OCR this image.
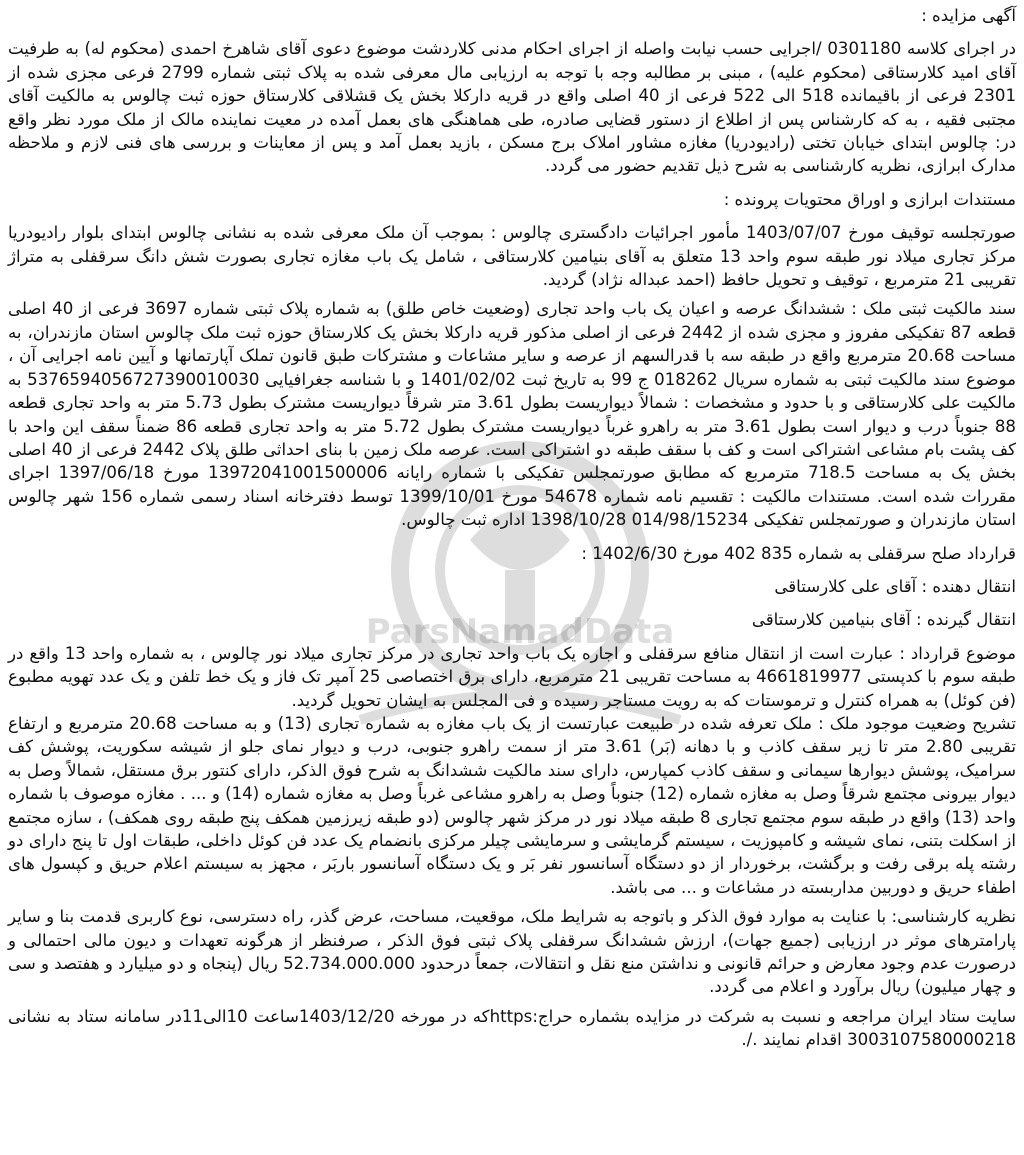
ParsNamadData

آگهی مزایده :

در اجرای کلاسه 0301180 /اجرایی حسب نیابت واصله از اجرای احکام مدنی کلاردشت موضوع دعوی آقای شاهرخ احمدی (محکوم له) به طرفیت آقای امید کلارستاقی (محکوم علیه) ، مبنی بر مطالبه وجه با توجه به ارزیابی مال معرفی شده به پلاک ثبتی شماره 2799 فرعی مجزی شده از 2301 فرعی از باقیمانده 518 الی 522 فرعی از 40 اصلی واقع در قریه دارکلا بخش یک قشلاقی کلارستاق حوزه ثبت چالوس به مالکیت آقای مجتبی فقیه ، به که کارشناس پس از اطلاع از دستور قضایی صادره، طی هماهنگی های بعمل آمده در معیت نماینده مالک از ملک مورد نظر واقع در: چالوس ابتدای خیابان تختی (رادیودریا) مغازه مشاور املاک برج مسکن ، بازید بعمل آمد و پس از معاینات و بررسی های فنی لازم و ملاحظه مدارک ابرازی، نظریه کارشناسی به شرح ذیل تقدیم حضور می گردد.

مستندات ابرازی و اوراق محتویات پرونده :

صورتجلسه توقیف مورخ 1403/07/07 مأمور اجرائیات دادگستری چالوس : بموجب آن ملک معرفی شده به نشانی چالوس ابتدای بلوار رادیودریا مرکز تجاری میلاد نور طبقه سوم واحد 13 متعلق به آقای بنیامین کلارستاقی ، شامل یک باب مغازه تجاری بصورت شش دانگ سرقفلی به متراژ تقریبی 21 مترمربع ، توقیف و تحویل حافظ (احمد عبداله نژاد) گردید.

سند مالکیت ثبتی ملک : ششدانگ عرصه و اعیان یک باب واحد تجاری (وضعیت خاص طلق) به شماره پلاک ثبتی شماره 3697 فرعی از 40 اصلی قطعه 87 تفکیکی مفروز و مجزی شده از 2442 فرعی از اصلی مذکور قریه دارکلا بخش یک کلارستاق حوزه ثبت ملک چالوس استان مازندران، به مساحت 20.68 مترمربع واقع در طبقه سه با قدرالسهم از عرصه و سایر مشاعات و مشترکات طبق قانون تملک آپارتمانها و آیین نامه اجرایی آن ، موضوع سند مالکیت ثبتی به شماره سریال 018262 ج 99 به تاریخ ثبت 1401/02/02 و با شناسه جغرافیایی 5376594056727390010030 به مالکیت علی کلارستاقی و با حدود و مشخصات : شمالاً دیواریست بطول 3.61 متر شرقاً دیواریست مشترک بطول 5.73 متر به واحد تجاری قطعه 88 جنوباً درب و دیوار است بطول 3.61 متر به راهرو غرباً دیواریست مشترک بطول 5.72 متر به واحد تجاری قطعه 86 ضمناً سقف این واحد با کف پشت بام مشاعی اشتراکی است و کف با سقف طبقه دو اشتراکی است. عرصه ملک زمین با بنای احداثی طلق پلاک 2442 فرعی از 40 اصلی بخش یک به مساحت 718.5 مترمربع که مطابق صورتمجلس تفکیکی با شماره رایانه 13972041001500006 مورخ 1397/06/18 اجرای مقررات شده است. مستندات مالکیت : تقسیم نامه شماره 54678 مورخ 1399/10/01 توسط دفترخانه اسناد رسمی شماره 156 شهر چالوس استان مازندران و صورتمجلس تفکیکی 014/98/15234 1398/10/28 اداره ثبت چالوس.

قرارداد صلح سرقفلی به شماره 835 402 مورخ 1402/6/30 :

انتقال دهنده : آقای علی کلارستاقی

انتقال گیرنده : آقای بنیامین کلارستاقی

موضوع قرارداد : عبارت است از انتقال منافع سرقفلی و اجاره یک باب واحد تجاری در مرکز تجاری میلاد نور چالوس ، به شماره واحد 13 واقع در طبقه سوم با کدپستی 4661819977 به مساحت تقریبی 21 مترمربع، دارای برق اختصاصی 25 آمپر تک فاز و یک خط تلفن و یک عدد تهویه مطبوع (فن کوئل) به همراه کنترل و ترموستات که به رویت مستاجر رسیده و فی المجلس به ایشان تحویل گردید.

تشریح وضعیت موجود ملک : ملک تعرفه شده در طبیعت عبارتست از یک باب مغازه به شماره تجاری (13) و به مساحت 20.68 مترمربع و ارتفاع تقریبی 2.80 متر تا زیر سقف کاذب و با دهانه (بَر) 3.61 متر از سمت راهرو جنوبی، درب و دیوار نمای جلو از شیشه سکوریت، پوشش کف سرامیک، پوشش دیوارها سیمانی و سقف کاذب کمپارس، دارای سند مالکیت ششدانگ به شرح فوق الذکر، دارای کنتور برق مستقل، شمالاً وصل به دیوار بیرونی مجتمع شرقاً وصل به مغازه شماره (12) جنوباً وصل به راهرو مشاعی غرباً وصل به مغازه شماره (14) و ... . مغازه موصوف با شماره واحد (13) واقع در طبقه سوم مجتمع تجاری 8 طبقه میلاد نور در مرکز شهر چالوس (دو طبقه زیرزمین همکف پنج طبقه روی همکف) ، سازه مجتمع از اسکلت بتنی، نمای شیشه و کامپوزیت ، سیستم گرمایشی و سرمایشی چیلر مرکزی بانضمام یک عدد فن کوئل داخلی، طبقات اول تا پنج دارای دو رشته پله برقی رفت و برگشت، برخوردار از دو دستگاه آسانسور نفر بَر و یک دستگاه آسانسور باربَر ، مجهز به سیستم اعلام حریق و کپسول های اطفاء حریق و دوربین مداربسته در مشاعات و ... می باشد.

نظریه کارشناسی: با عنایت به موارد فوق الذکر و باتوجه به شرایط ملک، موقعیت، مساحت، عرض گذر، راه دسترسی، نوع کاربری قدمت بنا و سایر پارامترهای موثر در ارزیابی (جمیع جهات)، ارزش ششدانگ سرقفلی پلاک ثبتی فوق الذکر ، صرفنظر از هرگونه تعهدات و دیون مالی احتمالی و درصورت عدم وجود معارض و حرائم قانونی و نداشتن منع نقل و انتقالات، جمعاً درحدود 52.734.000.000 ریال (پنجاه و دو میلیارد و هفتصد و سی و چهار میلیون) ریال برآورد و اعلام می گردد.

سایت ستاد ایران مراجعه و نسبت به شرکت در مزایده بشماره حراج:httpsکه در مورخه 1403/12/20ساعت 10الی11در سامانه ستاد به نشانی 3003107580000218 اقدام نمایند ./.
